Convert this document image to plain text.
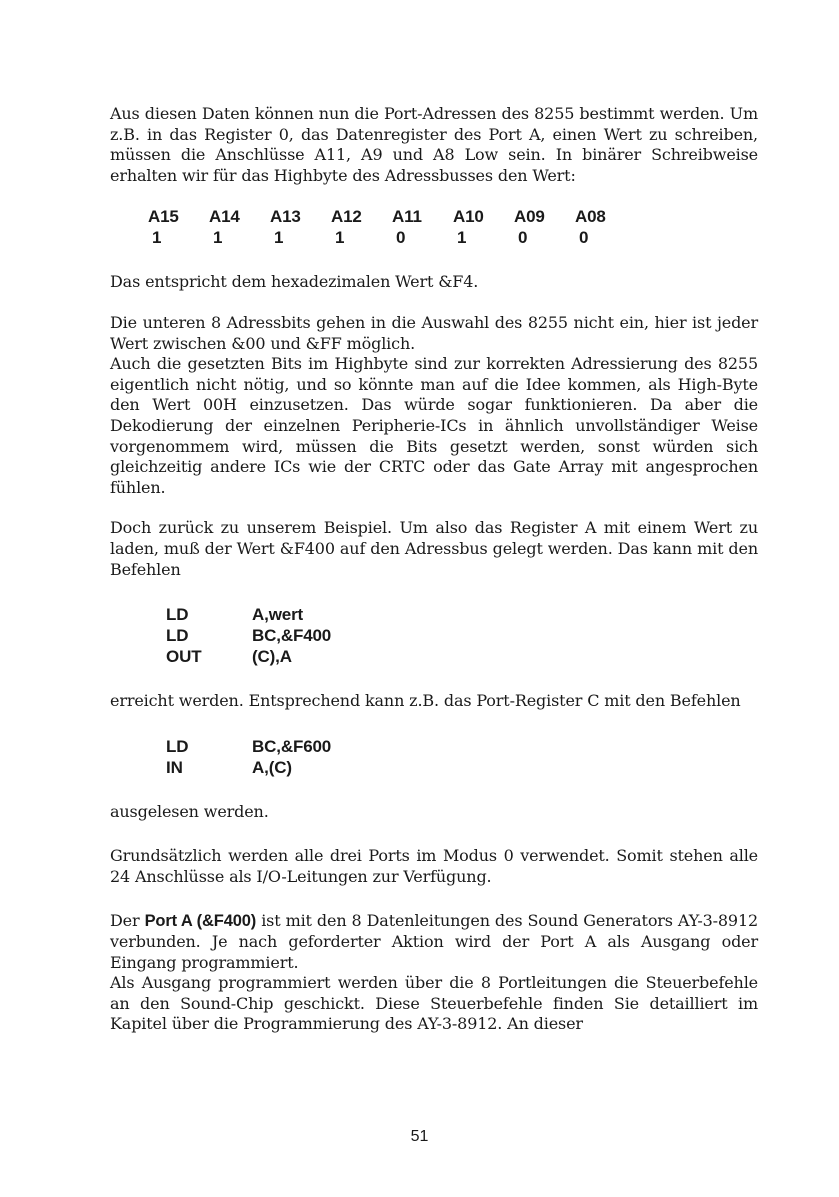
Aus diesen Daten können nun die Port-Adressen des 8255 bestimmt werden. Um z.B. in das Register 0, das Datenregister des Port A, einen Wert zu schreiben, müssen die Anschlüsse A11, A9 und A8 Low sein. In binärer Schreibweise erhalten wir für das Highbyte des Adressbusses den Wert:

A15	A14	A13	A12	A11	A10	A09	A08
1	1	1	1	0	1	0	0

Das entspricht dem hexadezimalen Wert &F4.

Die unteren 8 Adressbits gehen in die Auswahl des 8255 nicht ein, hier ist jeder Wert zwischen &00 und &FF möglich.

Auch die gesetzten Bits im Highbyte sind zur korrekten Adressierung des 8255 eigentlich nicht nötig, und so könnte man auf die Idee kommen, als High-Byte den Wert 00H einzusetzen. Das würde sogar funktionieren. Da aber die Dekodierung der einzelnen Peripherie-ICs in ähnlich unvollständiger Weise vorgenommem wird, müssen die Bits gesetzt werden, sonst würden sich gleichzeitig andere ICs wie der CRTC oder das Gate Array mit angesprochen fühlen.

Doch zurück zu unserem Beispiel. Um also das Register A mit einem Wert zu laden, muß der Wert &F400 auf den Adressbus gelegt werden. Das kann mit den Befehlen

LD	A,wert
LD	BC,&F400
OUT	(C),A

erreicht werden. Entsprechend kann z.B. das Port-Register C mit den Befehlen

LD	BC,&F600
IN	A,(C)

ausgelesen werden.

Grundsätzlich werden alle drei Ports im Modus 0 verwendet. Somit stehen alle 24 Anschlüsse als I/O-Leitungen zur Verfügung.

Der Port A (&F400) ist mit den 8 Datenleitungen des Sound Generators AY-3-8912 verbunden. Je nach geforderter Aktion wird der Port A als Ausgang oder Eingang programmiert.

Als Ausgang programmiert werden über die 8 Portleitungen die Steuerbefehle an den Sound-Chip geschickt. Diese Steuerbefehle finden Sie detailliert im Kapitel über die Programmierung des AY-3-8912. An dieser

51
